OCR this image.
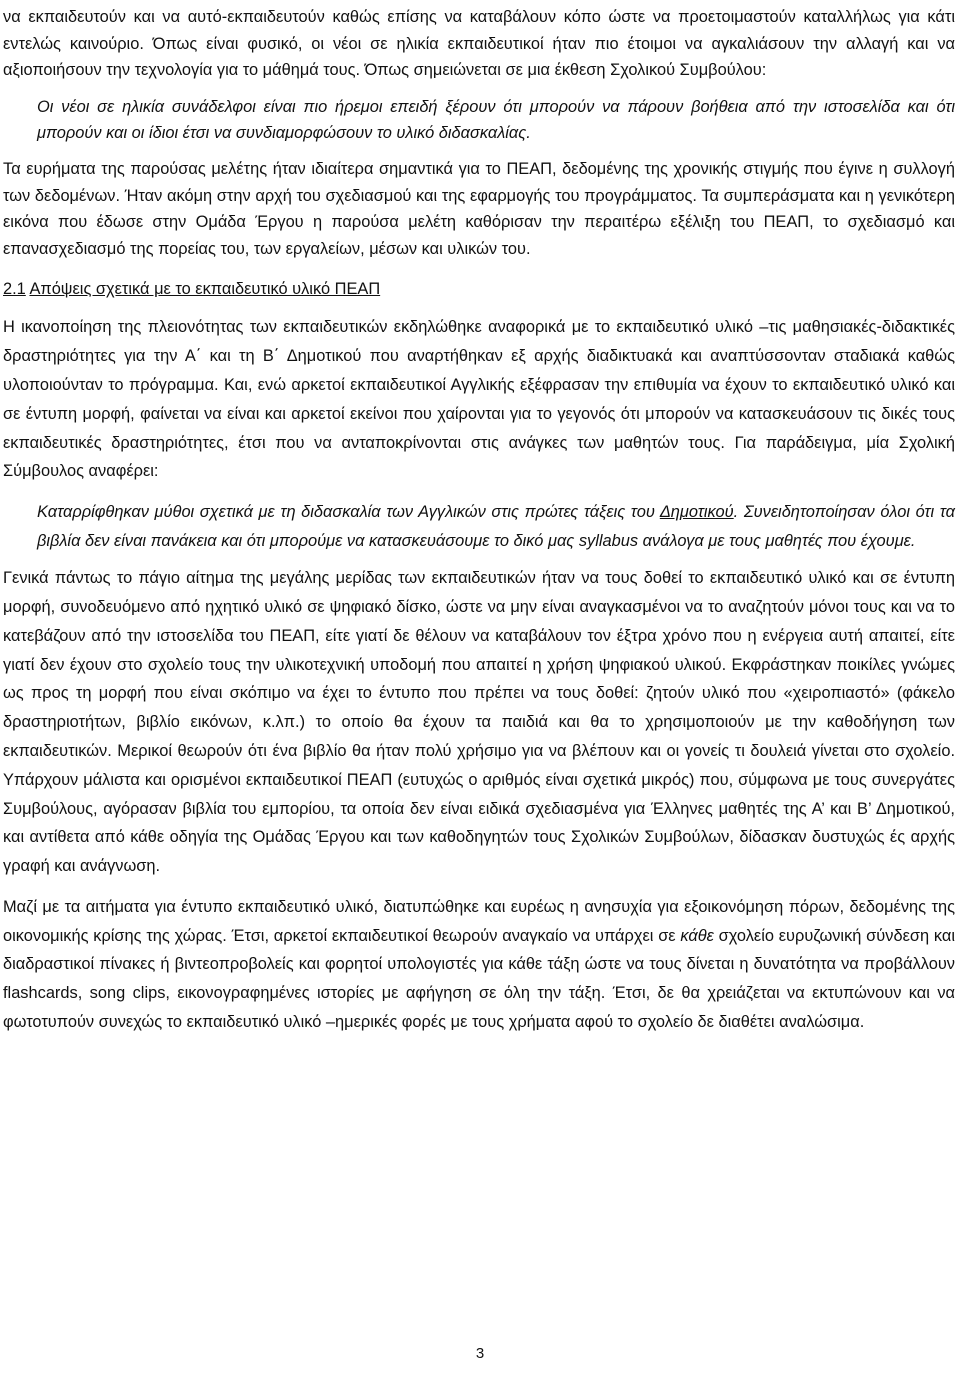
να εκπαιδευτούν και να αυτό-εκπαιδευτούν καθώς επίσης να καταβάλουν κόπο ώστε να προετοιμαστούν καταλλήλως για κάτι εντελώς καινούριο. Όπως είναι φυσικό, οι νέοι σε ηλικία εκπαιδευτικοί ήταν πιο έτοιμοι να αγκαλιάσουν την αλλαγή και να αξιοποιήσουν την τεχνολογία για το μάθημά τους. Όπως σημειώνεται σε μια έκθεση Σχολικού Συμβούλου:

Οι νέοι σε ηλικία συνάδελφοι είναι πιο ήρεμοι επειδή ξέρουν ότι μπορούν να πάρουν βοήθεια από την ιστοσελίδα και ότι μπορούν και οι ίδιοι έτσι να συνδιαμορφώσουν το υλικό διδασκαλίας.

Τα ευρήματα της παρούσας μελέτης ήταν ιδιαίτερα σημαντικά για το ΠΕΑΠ, δεδομένης της χρονικής στιγμής που έγινε η συλλογή των δεδομένων. Ήταν ακόμη στην αρχή του σχεδιασμού και της εφαρμογής του προγράμματος. Τα συμπεράσματα και η γενικότερη εικόνα που έδωσε στην Ομάδα Έργου η παρούσα μελέτη καθόρισαν την περαιτέρω εξέλιξη του ΠΕΑΠ, το σχεδιασμό και επανασχεδιασμό της πορείας του, των εργαλείων, μέσων και υλικών του.

2.1 Απόψεις σχετικά με το εκπαιδευτικό υλικό ΠΕΑΠ

Η ικανοποίηση της πλειονότητας των εκπαιδευτικών εκδηλώθηκε αναφορικά με το εκπαιδευτικό υλικό –τις μαθησιακές-διδακτικές δραστηριότητες για την Α΄ και τη Β΄ Δημοτικού που αναρτήθηκαν εξ αρχής διαδικτυακά και αναπτύσσονταν σταδιακά καθώς υλοποιούνταν το πρόγραμμα. Και, ενώ αρκετοί εκπαιδευτικοί Αγγλικής εξέφρασαν την επιθυμία να έχουν το εκπαιδευτικό υλικό και σε έντυπη μορφή, φαίνεται να είναι και αρκετοί εκείνοι που χαίρονται για το γεγονός ότι μπορούν να κατασκευάσουν τις δικές τους εκπαιδευτικές δραστηριότητες, έτσι που να ανταποκρίνονται στις ανάγκες των μαθητών τους. Για παράδειγμα, μία Σχολική Σύμβουλος αναφέρει:

Καταρρίφθηκαν μύθοι σχετικά με τη διδασκαλία των Αγγλικών στις πρώτες τάξεις του Δημοτικού. Συνειδητοποίησαν όλοι ότι τα βιβλία δεν είναι πανάκεια και ότι μπορούμε να κατασκευάσουμε το δικό μας syllabus ανάλογα με τους μαθητές που έχουμε.

Γενικά πάντως το πάγιο αίτημα της μεγάλης μερίδας των εκπαιδευτικών ήταν να τους δοθεί το εκπαιδευτικό υλικό και σε έντυπη μορφή, συνοδευόμενο από ηχητικό υλικό σε ψηφιακό δίσκο, ώστε να μην είναι αναγκασμένοι να το αναζητούν μόνοι τους και να το κατεβάζουν από την ιστοσελίδα του ΠΕΑΠ, είτε γιατί δε θέλουν να καταβάλουν τον έξτρα χρόνο που η ενέργεια αυτή απαιτεί, είτε γιατί δεν έχουν στο σχολείο τους την υλικοτεχνική υποδομή που απαιτεί η χρήση ψηφιακού υλικού. Εκφράστηκαν ποικίλες γνώμες ως προς τη μορφή που είναι σκόπιμο να έχει το έντυπο που πρέπει να τους δοθεί: ζητούν υλικό που «χειροπιαστό» (φάκελο δραστηριοτήτων, βιβλίο εικόνων, κ.λπ.) το οποίο θα έχουν τα παιδιά και θα το χρησιμοποιούν με την καθοδήγηση των εκπαιδευτικών. Μερικοί θεωρούν ότι ένα βιβλίο θα ήταν πολύ χρήσιμο για να βλέπουν και οι γονείς τι δουλειά γίνεται στο σχολείο. Υπάρχουν μάλιστα και ορισμένοι εκπαιδευτικοί ΠΕΑΠ (ευτυχώς ο αριθμός είναι σχετικά μικρός) που, σύμφωνα με τους συνεργάτες Συμβούλους, αγόρασαν βιβλία του εμπορίου, τα οποία δεν είναι ειδικά σχεδιασμένα για Έλληνες μαθητές της Α’ και Β’ Δημοτικού, και αντίθετα από κάθε οδηγία της Ομάδας Έργου και των καθοδηγητών τους Σχολικών Συμβούλων, δίδασκαν δυστυχώς ές αρχής γραφή και ανάγνωση.

Μαζί με τα αιτήματα για έντυπο εκπαιδευτικό υλικό, διατυπώθηκε και ευρέως η ανησυχία για εξοικονόμηση πόρων, δεδομένης της οικονομικής κρίσης της χώρας. Έτσι, αρκετοί εκπαιδευτικοί θεωρούν αναγκαίο να υπάρχει σε κάθε σχολείο ευρυζωνική σύνδεση και διαδραστικοί πίνακες ή βιντεοπροβολείς και φορητοί υπολογιστές για κάθε τάξη ώστε να τους δίνεται η δυνατότητα να προβάλλουν flashcards, song clips, εικονογραφημένες ιστορίες με αφήγηση σε όλη την τάξη. Έτσι, δε θα χρειάζεται να εκτυπώνουν και να φωτοτυπούν συνεχώς το εκπαιδευτικό υλικό –ημερικές φορές με τους χρήματα αφού το σχολείο δε διαθέτει αναλώσιμα.

3
